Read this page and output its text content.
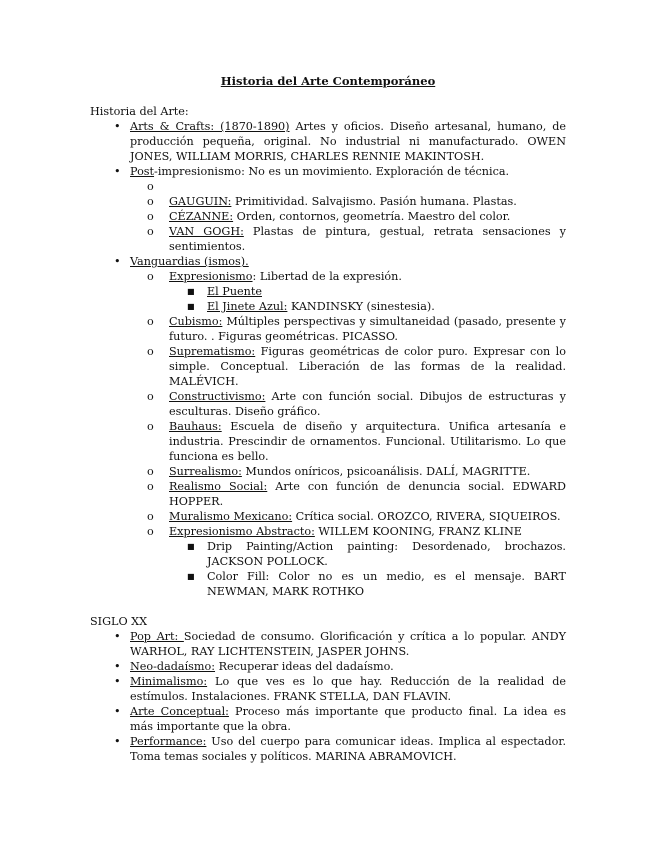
Historia del Arte Contemporáneo
Historia del Arte:
• Arts & Crafts: (1870-1890) Artes y oficios. Diseño artesanal, humano, de producción pequeña, original. No industrial ni manufacturado. OWEN JONES, WILLIAM MORRIS, CHARLES RENNIE MAKINTOSH.
• Post-impresionismo: No es un movimiento. Exploración de técnica.
o

o GAUGUIN: Primitividad. Salvajismo. Pasión humana. Plastas.
o CÉZANNE: Orden, contornos, geometría. Maestro del color.
o VAN GOGH: Plastas de pintura, gestual, retrata sensaciones y sentimientos.
• Vanguardias (ismos).
o Expresionismo: Libertad de la expresión.
■ El Puente
■ El Jinete Azul: KANDINSKY (sinestesia).
o Cubismo: Múltiples perspectivas y simultaneidad (pasado, presente y futuro. . Figuras geométricas. PICASSO.
o Suprematismo: Figuras geométricas de color puro. Expresar con lo simple. Conceptual. Liberación de las formas de la realidad. MALÉVICH.
o Constructivismo: Arte con función social. Dibujos de estructuras y esculturas. Diseño gráfico.
o Bauhaus: Escuela de diseño y arquitectura. Unifica artesanía e industria. Prescindir de ornamentos. Funcional. Utilitarismo. Lo que funciona es bello.
o Surrealismo: Mundos oníricos, psicoanálisis. DALÍ, MAGRITTE.
o Realismo Social: Arte con función de denuncia social. EDWARD HOPPER.
o Muralismo Mexicano: Crítica social. OROZCO, RIVERA, SIQUEIROS.
o Expresionismo Abstracto: WILLEM KOONING, FRANZ KLINE
■ Drip Painting/Action painting: Desordenado, brochazos. JACKSON POLLOCK.
■ Color Fill: Color no es un medio, es el mensaje. BART NEWMAN, MARK ROTHKO
SIGLO XX
• Pop Art: Sociedad de consumo. Glorificación y crítica a lo popular. ANDY WARHOL, RAY LICHTENSTEIN, JASPER JOHNS.
• Neo-dadaísmo: Recuperar ideas del dadaísmo.
• Minimalismo: Lo que ves es lo que hay. Reducción de la realidad de estímulos. Instalaciones. FRANK STELLA, DAN FLAVIN.
• Arte Conceptual: Proceso más importante que producto final. La idea es más importante que la obra.
• Performance: Uso del cuerpo para comunicar ideas. Implica al espectador. Toma temas sociales y políticos. MARINA ABRAMOVICH.
